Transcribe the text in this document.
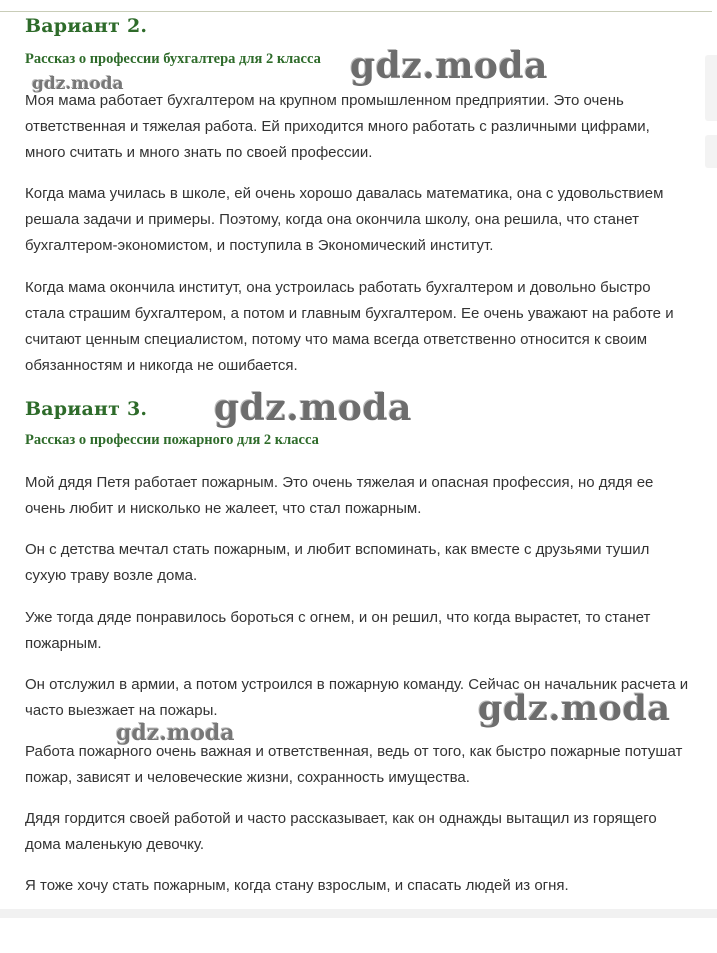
Вариант 2.
Рассказ о профессии бухгалтера для 2 класса

Моя мама работает бухгалтером на крупном промышленном предприятии. Это очень ответственная и тяжелая работа. Ей приходится много работать с различными цифрами, много считать и много знать по своей профессии.

Когда мама училась в школе, ей очень хорошо давалась математика, она с удовольствием решала задачи и примеры. Поэтому, когда она окончила школу, она решила, что станет бухгалтером-экономистом, и поступила в Экономический институт.

Когда мама окончила институт, она устроилась работать бухгалтером и довольно быстро стала страшим бухгалтером, а потом и главным бухгалтером. Ее очень уважают на работе и считают ценным специалистом, потому что мама всегда ответственно относится к своим обязанностям и никогда не ошибается.

Вариант 3.
Рассказ о профессии пожарного для 2 класса

Мой дядя Петя работает пожарным. Это очень тяжелая и опасная профессия, но дядя ее очень любит и нисколько не жалеет, что стал пожарным.

Он с детства мечтал стать пожарным, и любит вспоминать, как вместе с друзьями тушил сухую траву возле дома.

Уже тогда дяде понравилось бороться с огнем, и он решил, что когда вырастет, то станет пожарным.

Он отслужил в армии, а потом устроился в пожарную команду. Сейчас он начальник расчета и часто выезжает на пожары.

Работа пожарного очень важная и ответственная, ведь от того, как быстро пожарные потушат пожар, зависят и человеческие жизни, сохранность имущества.

Дядя гордится своей работой и часто рассказывает, как он однажды вытащил из горящего дома маленькую девочку.

Я тоже хочу стать пожарным, когда стану взрослым, и спасать людей из огня.

gdz.moda
gdz.moda
gdz.moda
gdz.moda
gdz.moda
